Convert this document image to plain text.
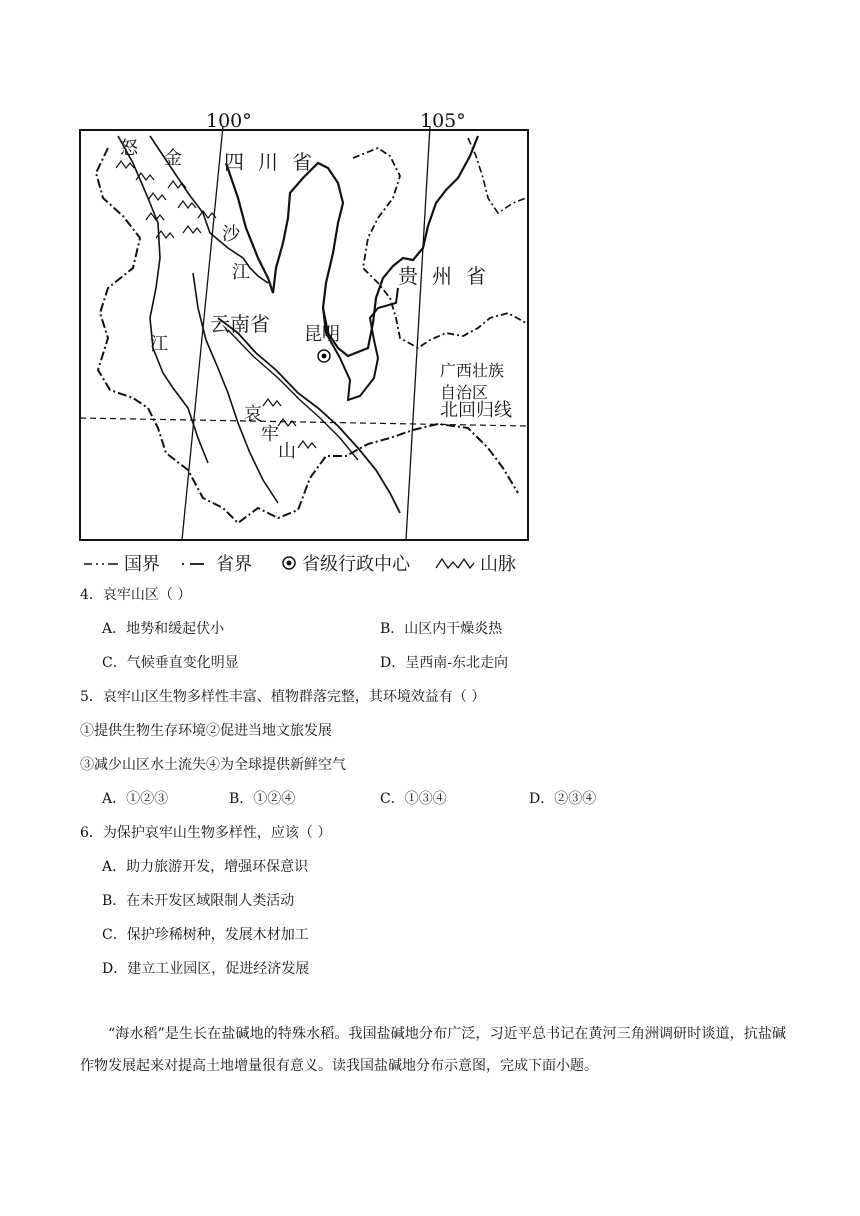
100°	105°
四川省
贵州省
云南省
广西壮族
自治区
昆明
北回归线
怒 金
沙
江
江
哀
牢
山
国界	省界	省级行政中心	山脉
4．哀牢山区（ ）
A．地势和缓起伏小	B．山区内干燥炎热
C．气候垂直变化明显	D．呈西南-东北走向
5．哀牢山区生物多样性丰富、植物群落完整，其环境效益有（ ）
①提供生物生存环境②促进当地文旅发展
③减少山区水土流失④为全球提供新鲜空气
A．①②③	B．①②④	C．①③④	D．②③④
6．为保护哀牢山生物多样性，应该（ ）
A．助力旅游开发，增强环保意识
B．在未开发区域限制人类活动
C．保护珍稀树种，发展木材加工
D．建立工业园区，促进经济发展
“海水稻”是生长在盐碱地的特殊水稻。我国盐碱地分布广泛，习近平总书记在黄河三角洲调研时谈道，抗盐碱作物发展起来对提高土地增量很有意义。读我国盐碱地分布示意图，完成下面小题。
